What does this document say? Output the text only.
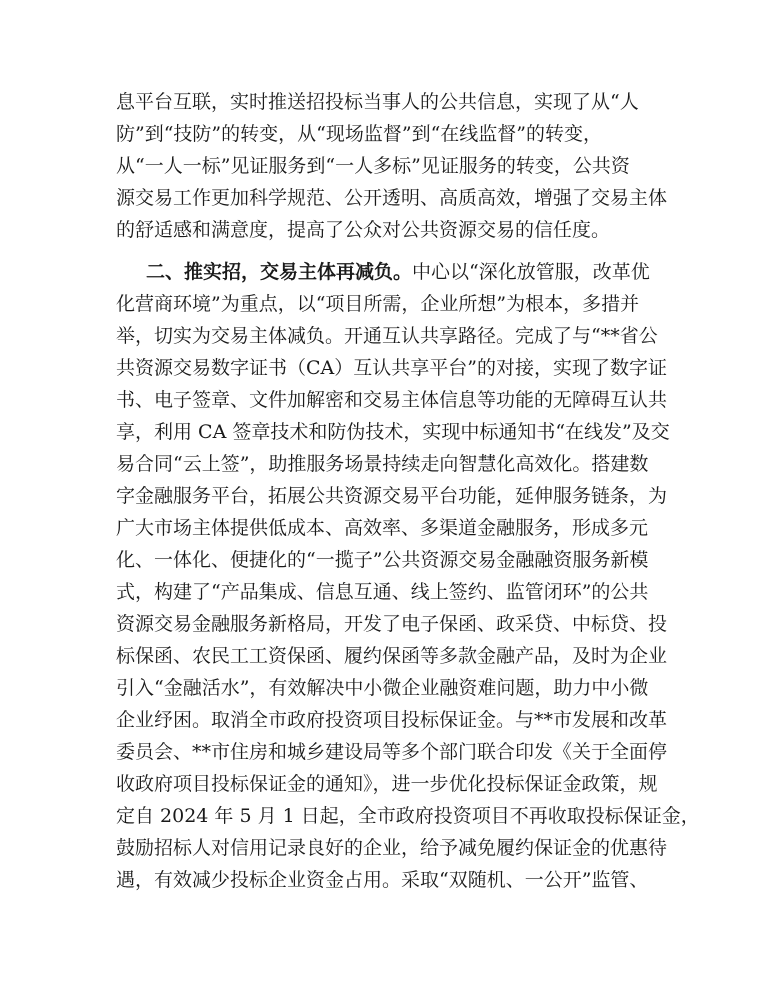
息平台互联，实时推送招投标当事人的公共信息，实现了从“人
防”到“技防”的转变，从“现场监督”到“在线监督”的转变，
从“一人一标”见证服务到“一人多标”见证服务的转变，公共资
源交易工作更加科学规范、公开透明、高质高效，增强了交易主体
的舒适感和满意度，提高了公众对公共资源交易的信任度。
二、推实招，交易主体再减负。中心以“深化放管服，改革优
化营商环境”为重点，以“项目所需，企业所想”为根本，多措并
举，切实为交易主体减负。开通互认共享路径。完成了与“**省公
共资源交易数字证书（CA）互认共享平台”的对接，实现了数字证
书、电子签章、文件加解密和交易主体信息等功能的无障碍互认共
享，利用 CA 签章技术和防伪技术，实现中标通知书“在线发”及交
易合同“云上签”，助推服务场景持续走向智慧化高效化。搭建数
字金融服务平台，拓展公共资源交易平台功能，延伸服务链条，为
广大市场主体提供低成本、高效率、多渠道金融服务，形成多元
化、一体化、便捷化的“一揽子”公共资源交易金融融资服务新模
式，构建了“产品集成、信息互通、线上签约、监管闭环”的公共
资源交易金融服务新格局，开发了电子保函、政采贷、中标贷、投
标保函、农民工工资保函、履约保函等多款金融产品，及时为企业
引入“金融活水”，有效解决中小微企业融资难问题，助力中小微
企业纾困。取消全市政府投资项目投标保证金。与**市发展和改革
委员会、**市住房和城乡建设局等多个部门联合印发《关于全面停
收政府项目投标保证金的通知》，进一步优化投标保证金政策，规
定自 2024 年 5 月 1 日起，全市政府投资项目不再收取投标保证金，
鼓励招标人对信用记录良好的企业，给予减免履约保证金的优惠待
遇，有效减少投标企业资金占用。采取“双随机、一公开”监管、
